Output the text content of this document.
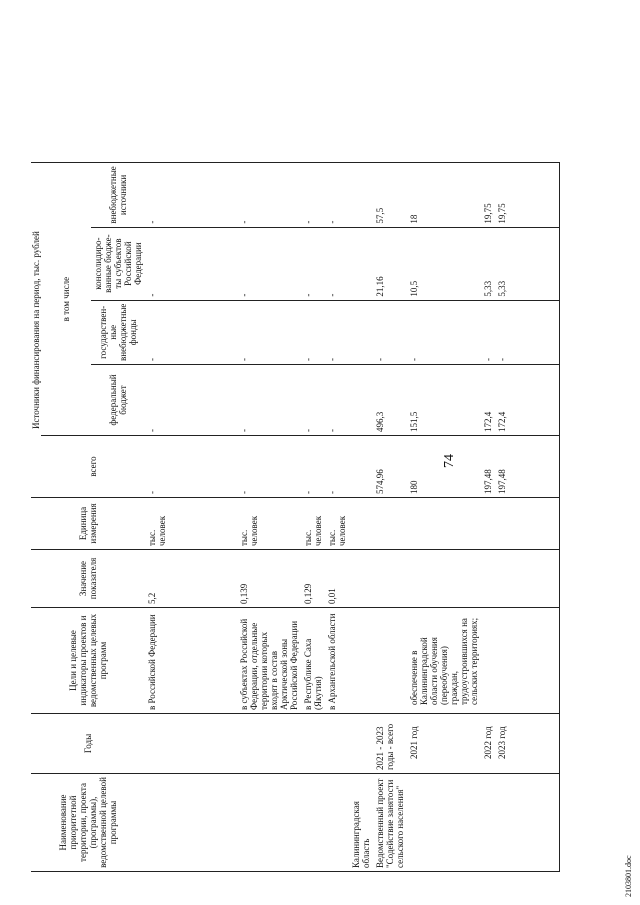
74
Наименование приоритетной территории, проекта (программы), ведомственной целевой программы	Годы	Цели и целевые индикаторы проектов и ведомственных целевых программ	Значение показателя	Единица измерения	Источники финансирования на период, тыс. рублей				
					всего	в том числе			
						федеральный бюджет	государствен-ные внебюджетные фонды	консолидиро-ванные бюдже-ты субъектов Российской Федерации	внебюджетные источники
		в Российской Федерации	5,2	тыс. человек	-	-	-	-	-
		в субъектах Российской Федерации, отдельные территории которых входят в состав Арктической зоны Российской Федерации	0,139	тыс. человек	-	-	-	-	-
		в Республике Саха (Якутия)	0,129	тыс. человек	-	-	-	-	-
		в Архангельской области	0,01	тыс. человек	-	-	-	-	-
Калининградская область									
Ведомственный проект "Содействие занятости сельского населения"	2021 - 2023 годы - всего				574,96	496,3	-	21,16	57,5
	2021 год	обеспечение в Калининградской области обучения (переобучения) граждан, трудоустроившихся на сельских территориях;			180	151,5	-	10,5	18
	2022 год				197,48	172,4	-	5,33	19,75
	2023 год				197,48	172,4	-	5,33	19,75
2103801.doc
